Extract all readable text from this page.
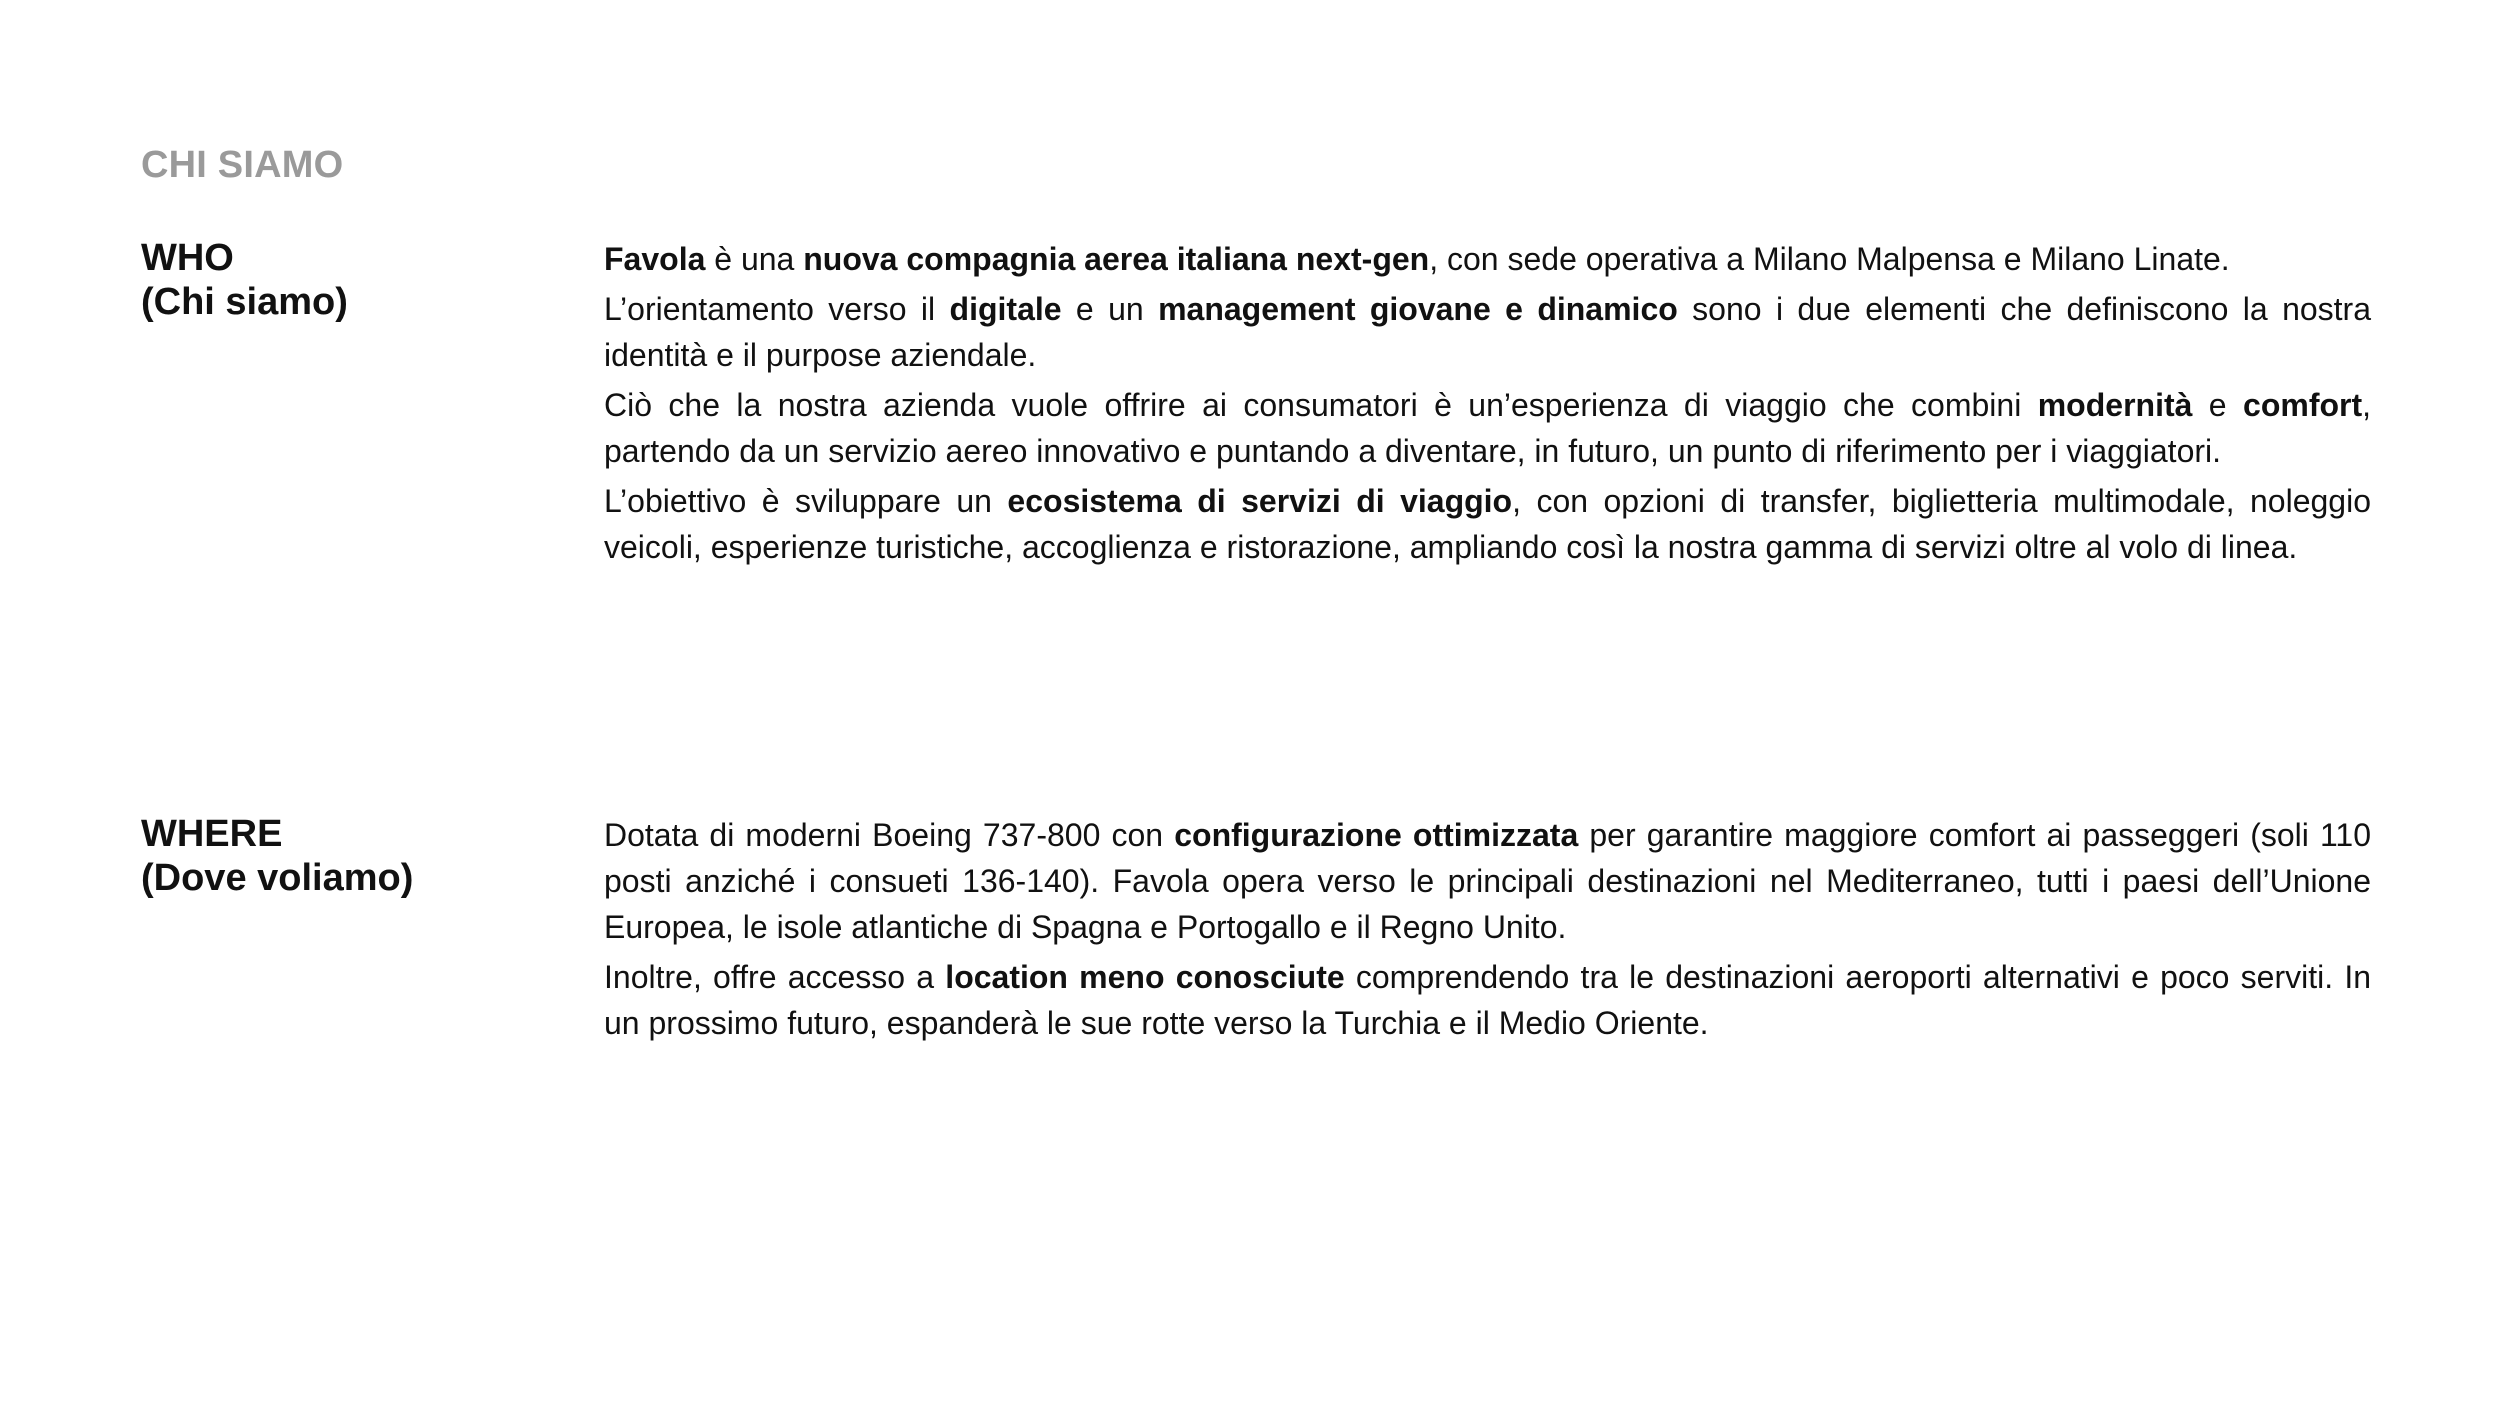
CHI SIAMO
WHO
(Chi siamo)

Favola è una nuova compagnia aerea italiana next-gen, con sede operativa a Milano Malpensa e Milano Linate.

L’orientamento verso il digitale e un management giovane e dinamico sono i due elementi che definiscono la nostra identità e il purpose aziendale.

Ciò che la nostra azienda vuole offrire ai consumatori è un’esperienza di viaggio che combini modernità e comfort, partendo da un servizio aereo innovativo e puntando a diventare, in futuro, un punto di riferimento per i viaggiatori.

L’obiettivo è sviluppare un ecosistema di servizi di viaggio, con opzioni di transfer, biglietteria multimodale, noleggio veicoli, esperienze turistiche, accoglienza e ristorazione, ampliando così la nostra gamma di servizi oltre al volo di linea.

WHERE
(Dove voliamo)

Dotata di moderni Boeing 737-800 con configurazione ottimizzata per garantire maggiore comfort ai passeggeri (soli 110 posti anziché i consueti 136-140). Favola opera verso le principali destinazioni nel Mediterraneo, tutti i paesi dell’Unione Europea, le isole atlantiche di Spagna e Portogallo e il Regno Unito.

Inoltre, offre accesso a location meno conosciute comprendendo tra le destinazioni aeroporti alternativi e poco serviti. In un prossimo futuro, espanderà le sue rotte verso la Turchia e il Medio Oriente.
